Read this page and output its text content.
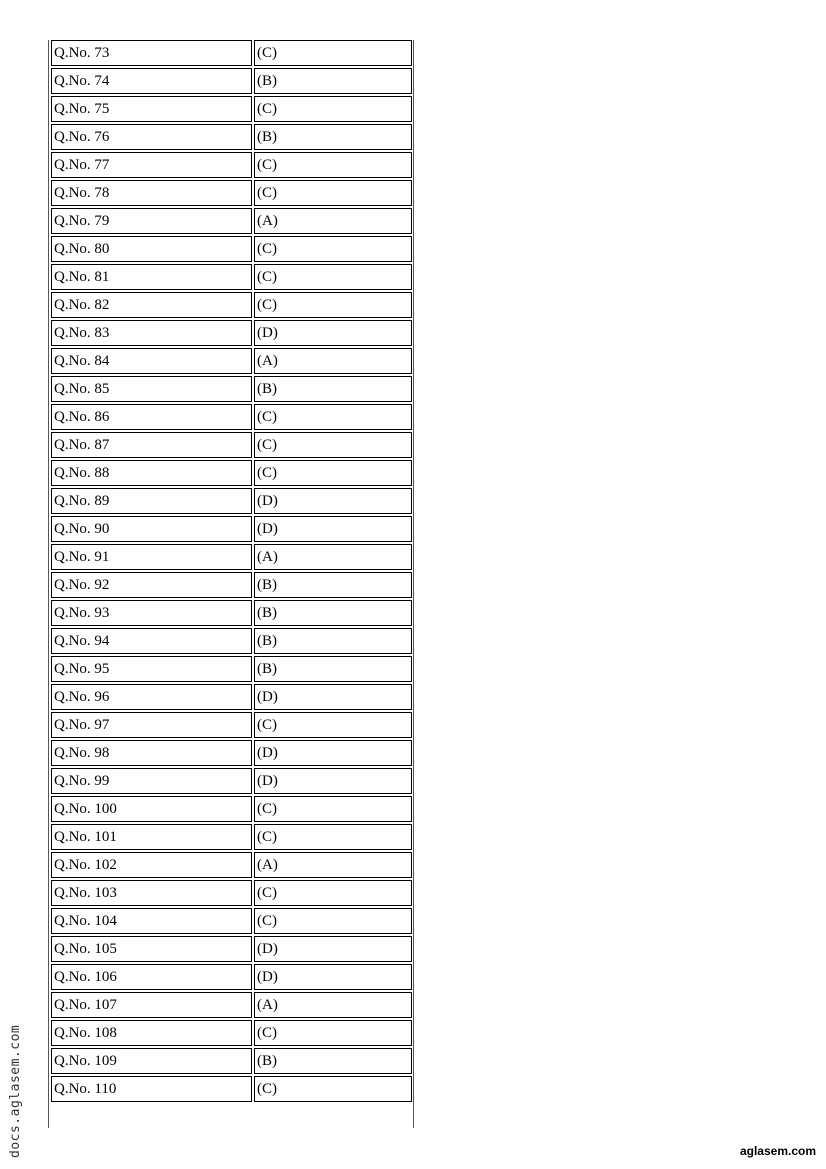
Q.No. 73	(C)
Q.No. 74	(B)
Q.No. 75	(C)
Q.No. 76	(B)
Q.No. 77	(C)
Q.No. 78	(C)
Q.No. 79	(A)
Q.No. 80	(C)
Q.No. 81	(C)
Q.No. 82	(C)
Q.No. 83	(D)
Q.No. 84	(A)
Q.No. 85	(B)
Q.No. 86	(C)
Q.No. 87	(C)
Q.No. 88	(C)
Q.No. 89	(D)
Q.No. 90	(D)
Q.No. 91	(A)
Q.No. 92	(B)
Q.No. 93	(B)
Q.No. 94	(B)
Q.No. 95	(B)
Q.No. 96	(D)
Q.No. 97	(C)
Q.No. 98	(D)
Q.No. 99	(D)
Q.No. 100	(C)
Q.No. 101	(C)
Q.No. 102	(A)
Q.No. 103	(C)
Q.No. 104	(C)
Q.No. 105	(D)
Q.No. 106	(D)
Q.No. 107	(A)
Q.No. 108	(C)
Q.No. 109	(B)
Q.No. 110	(C)
docs.aglasem.com	aglasem.com
